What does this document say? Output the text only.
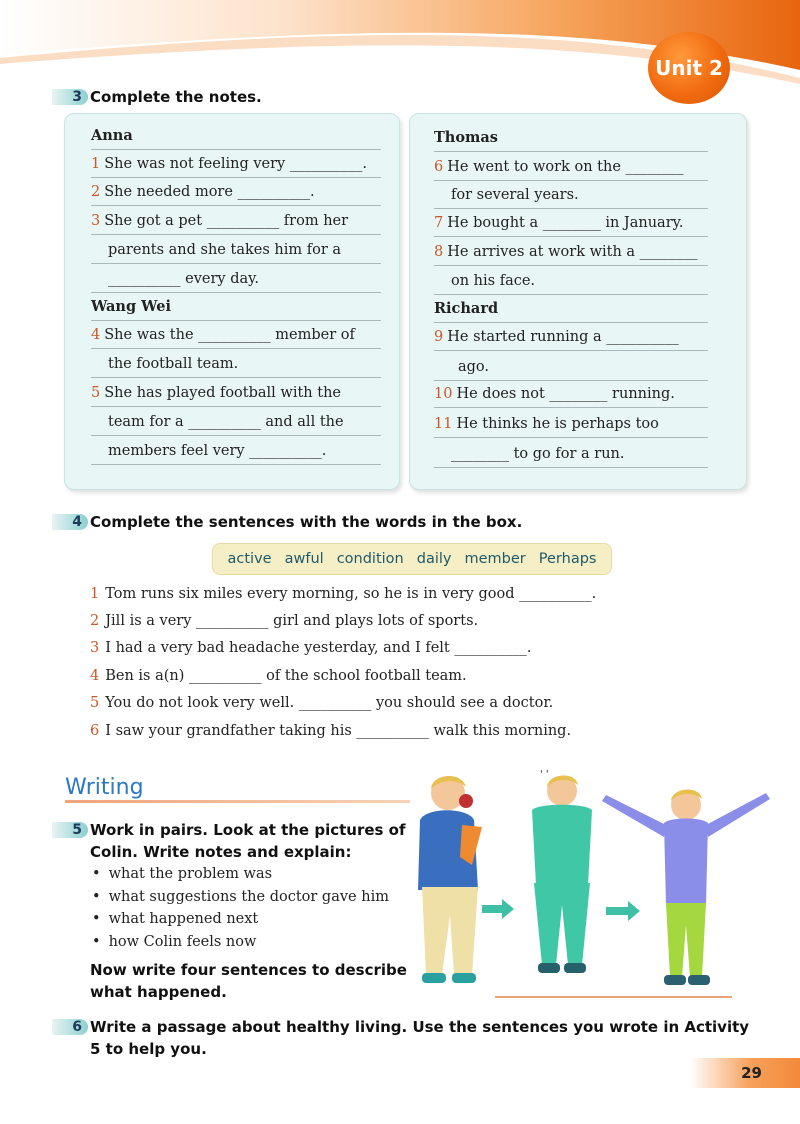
Unit 2
3 Complete the notes.
Anna
1 She was not feeling very __________.
2 She needed more __________.
3 She got a pet __________ from her
parents and she takes him for a
__________ every day.
Wang Wei
4 She was the __________ member of
the football team.
5 She has played football with the
team for a __________ and all the
members feel very __________.
Thomas
6 He went to work on the ________
for several years.
7 He bought a ________ in January.
8 He arrives at work with a ________
on his face.
Richard
9 He started running a __________
ago.
10 He does not ________ running.
11 He thinks he is perhaps too
________ to go for a run.
4 Complete the sentences with the words in the box.
active awful condition daily member Perhaps
1 Tom runs six miles every morning, so he is in very good __________.
2 Jill is a very __________ girl and plays lots of sports.
3 I had a very bad headache yesterday, and I felt __________.
4 Ben is a(n) __________ of the school football team.
5 You do not look very well. __________ you should see a doctor.
6 I saw your grandfather taking his __________ walk this morning.
Writing
5 Work in pairs. Look at the pictures of
Colin. Write notes and explain:
• what the problem was
• what suggestions the doctor gave him
• what happened next
• how Colin feels now
Now write four sentences to describe
what happened.
' '
6 Write a passage about healthy living. Use the sentences you wrote in Activity
5 to help you.
29
